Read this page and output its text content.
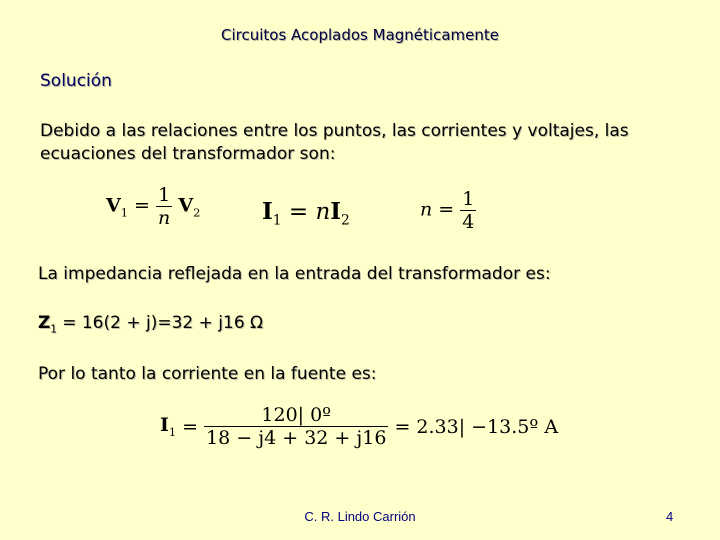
Circuitos Acoplados Magnéticamente
Solución
Debido a las relaciones entre los puntos, las corrientes y voltajes, las ecuaciones del transformador son:
$V_1 = \frac{1}{n} V_2$	$I_1 = nI_2$
$n = \frac{1}{4}$
La impedancia reflejada en la entrada del transformador es:
$Z_1 = 16(2 + j)=32 + j16$ Ω
Por lo tanto la corriente en la fuente es:
$I_1 = \frac{\text{120| 0º}}{18 - j4 + 32 + j16} = 2.33|$ −13.5º A
C. R. Lindo Carrión	4
